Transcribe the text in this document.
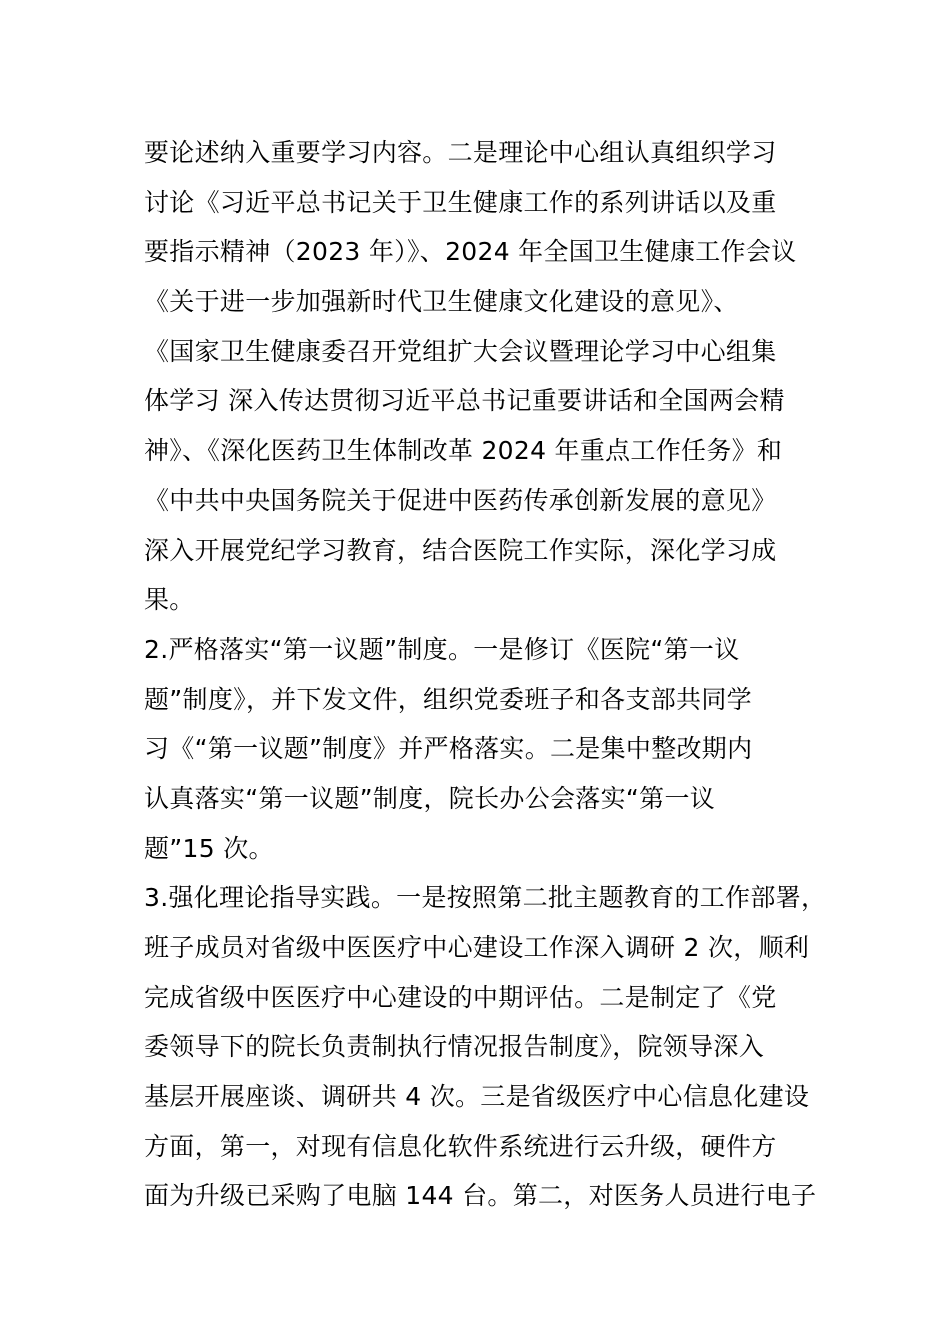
要论述纳入重要学习内容。二是理论中心组认真组织学习
讨论《习近平总书记关于卫生健康工作的系列讲话以及重
要指示精神（2023 年）》、2024 年全国卫生健康工作会议
《关于进一步加强新时代卫生健康文化建设的意见》、
《国家卫生健康委召开党组扩大会议暨理论学习中心组集
体学习 深入传达贯彻习近平总书记重要讲话和全国两会精
神》、《深化医药卫生体制改革 2024 年重点工作任务》和
《中共中央国务院关于促进中医药传承创新发展的意见》
深入开展党纪学习教育，结合医院工作实际，深化学习成
果。
2.严格落实“第一议题”制度。一是修订《医院“第一议
题”制度》，并下发文件，组织党委班子和各支部共同学
习《“第一议题”制度》并严格落实。二是集中整改期内
认真落实“第一议题”制度，院长办公会落实“第一议
题”15 次。
3.强化理论指导实践。一是按照第二批主题教育的工作部署，
班子成员对省级中医医疗中心建设工作深入调研 2 次，顺利
完成省级中医医疗中心建设的中期评估。二是制定了《党
委领导下的院长负责制执行情况报告制度》，院领导深入
基层开展座谈、调研共 4 次。三是省级医疗中心信息化建设
方面，第一，对现有信息化软件系统进行云升级，硬件方
面为升级已采购了电脑 144 台。第二，对医务人员进行电子
